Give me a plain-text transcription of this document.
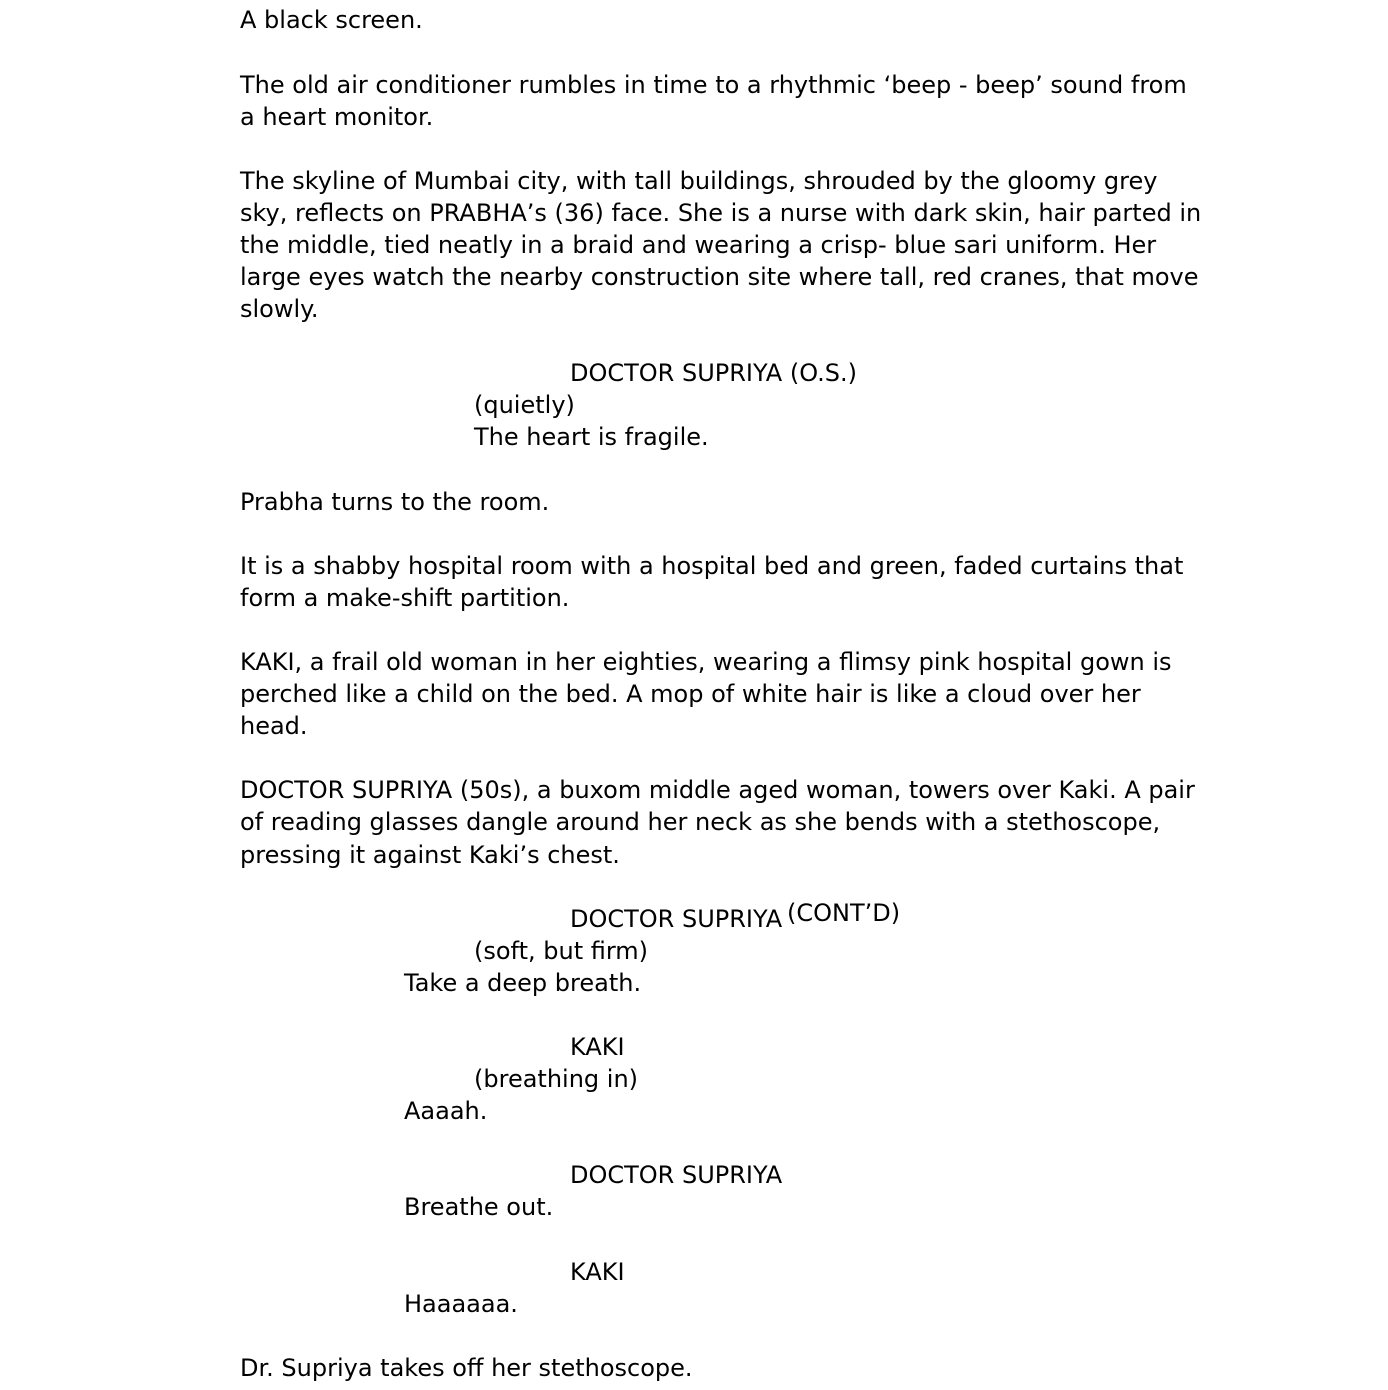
A black screen.
The old air conditioner rumbles in time to a rhythmic ‘beep - beep’ sound from
a heart monitor.
The skyline of Mumbai city, with tall buildings, shrouded by the gloomy grey
sky, reflects on PRABHA’s (36) face. She is a nurse with dark skin, hair parted in
the middle, tied neatly in a braid and wearing a crisp- blue sari uniform. Her
large eyes watch the nearby construction site where tall, red cranes, that move
slowly.
DOCTOR SUPRIYA (O.S.)
(quietly)
The heart is fragile.
Prabha turns to the room.
It is a shabby hospital room with a hospital bed and green, faded curtains that
form a make-shift partition.
KAKI, a frail old woman in her eighties, wearing a flimsy pink hospital gown is
perched like a child on the bed. A mop of white hair is like a cloud over her
head.
DOCTOR SUPRIYA (50s), a buxom middle aged woman, towers over Kaki. A pair
of reading glasses dangle around her neck as she bends with a stethoscope,
pressing it against Kaki’s chest.
DOCTOR SUPRIYA (CONT’D)
(soft, but firm)
Take a deep breath.
KAKI
(breathing in)
Aaaah.
DOCTOR SUPRIYA
Breathe out.
KAKI
Haaaaaa.
Dr. Supriya takes off her stethoscope.
